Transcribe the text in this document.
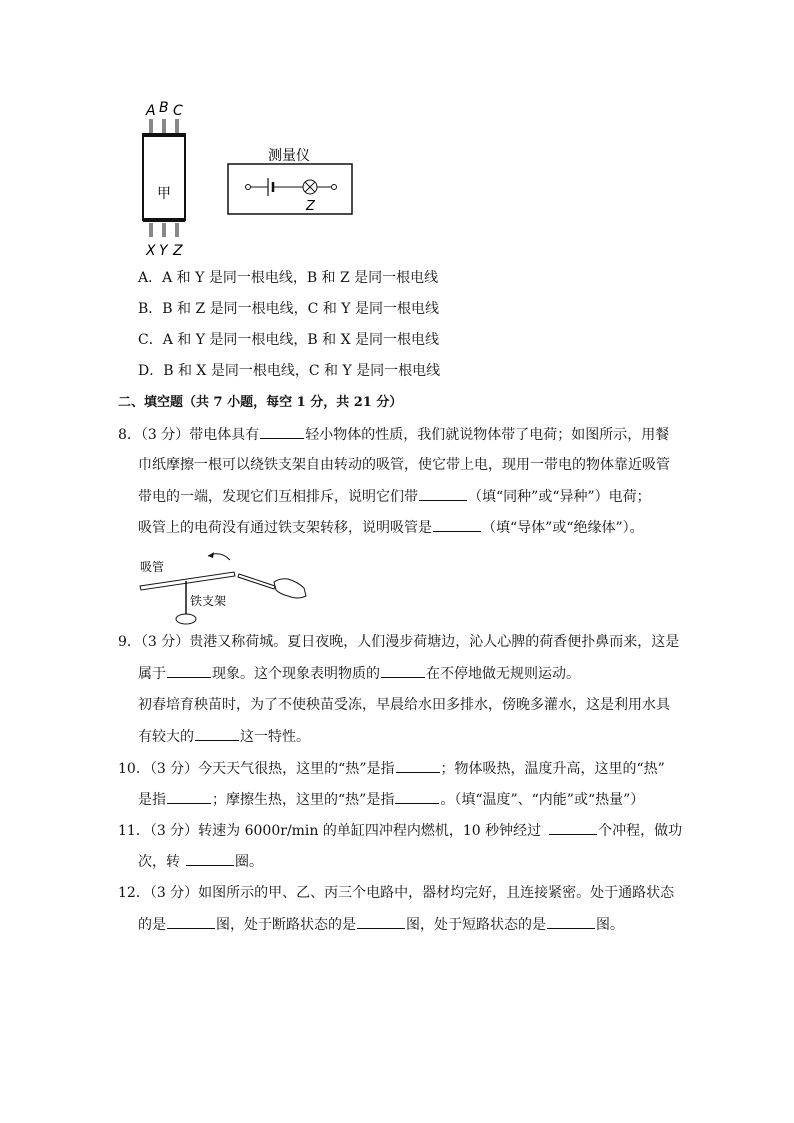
A B C
甲
X Y Z
测量仪
Z
A．A 和 Y 是同一根电线，B 和 Z 是同一根电线
B．B 和 Z 是同一根电线，C 和 Y 是同一根电线
C．A 和 Y 是同一根电线，B 和 X 是同一根电线
D．B 和 X 是同一根电线，C 和 Y 是同一根电线
二、填空题（共 7 小题，每空 1 分，共 21 分）
8．（3 分）带电体具有	轻小物体的性质，我们就说物体带了电荷；如图所示，用餐
巾纸摩擦一根可以绕铁支架自由转动的吸管，使它带上电，现用一带电的物体靠近吸管
带电的一端，发现它们互相排斥，说明它们带	（填“同种”或“异种”）电荷；
吸管上的电荷没有通过铁支架转移，说明吸管是	（填“导体”或“绝缘体”）。
吸管
铁支架
9．（3 分）贵港又称荷城。夏日夜晚，人们漫步荷塘边，沁人心脾的荷香便扑鼻而来，这是
属于	现象。这个现象表明物质的	在不停地做无规则运动。
初春培育秧苗时，为了不使秧苗受冻，早晨给水田多排水，傍晚多灌水，这是利用水具
有较大的	这一特性。
10．（3 分）今天天气很热，这里的“热”是指	；物体吸热，温度升高，这里的“热”
是指	；摩擦生热，这里的“热”是指	。（填“温度”、“内能”或“热量”）
11．（3 分）转速为 6000r/min 的单缸四冲程内燃机，10 秒钟经过	个冲程，做功
次，转	圈。
12．（3 分）如图所示的甲、乙、丙三个电路中，器材均完好，且连接紧密。处于通路状态
的是	图，处于断路状态的是	图，处于短路状态的是	图。
